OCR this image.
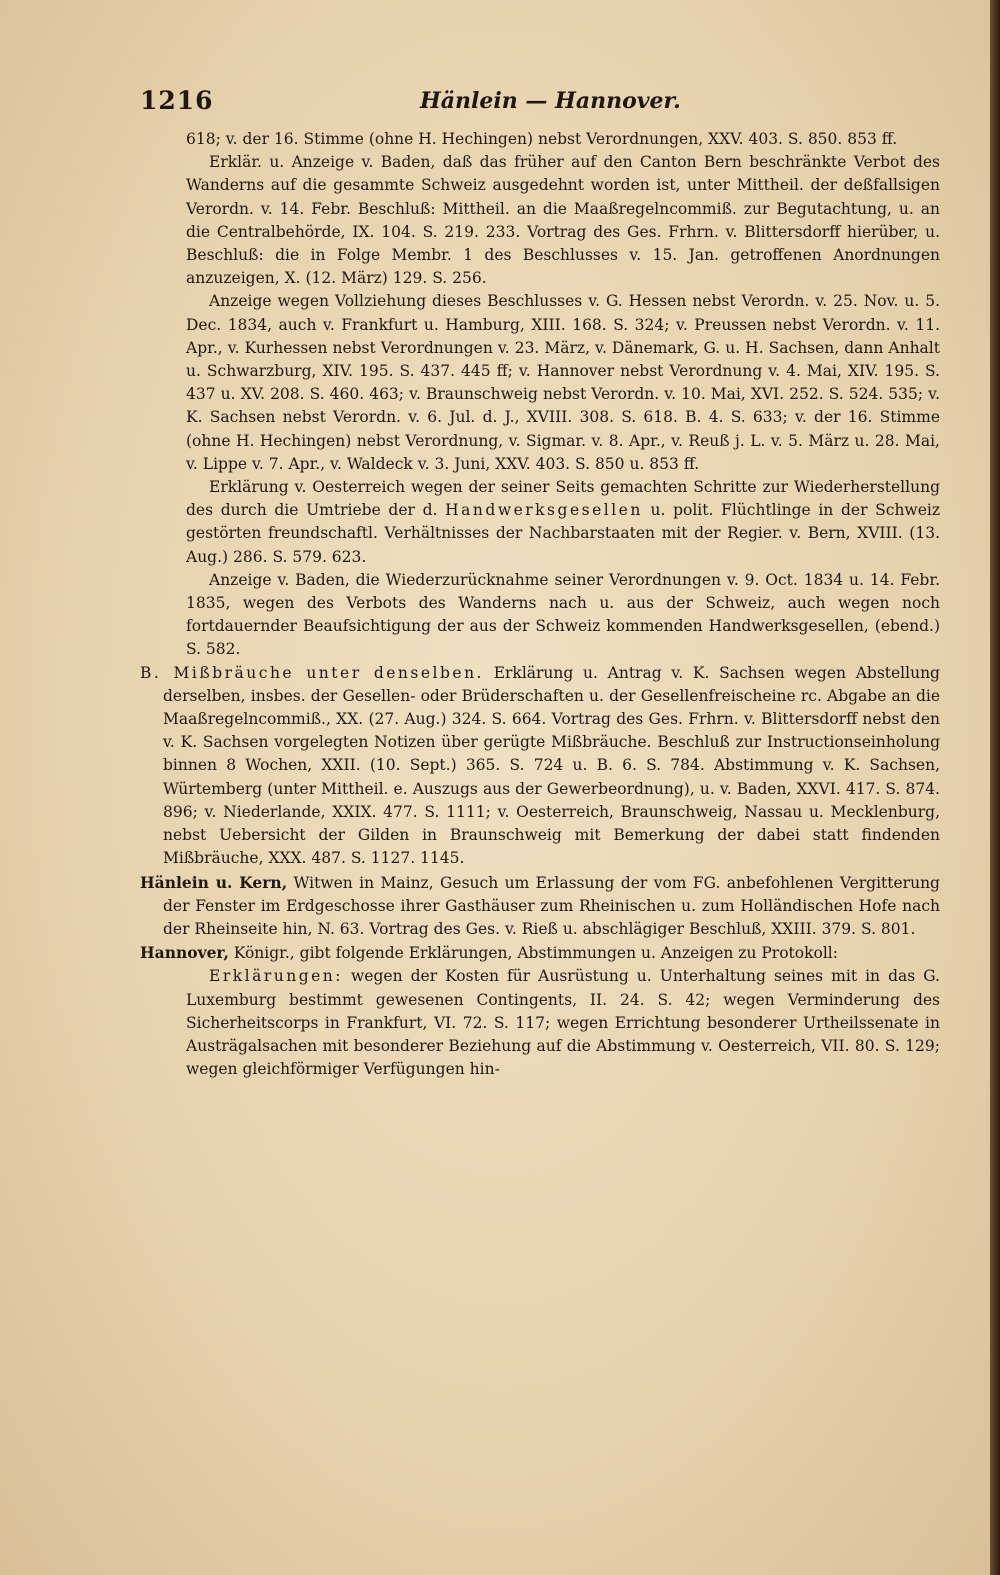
1216	Hänlein — Hannover.

618; v. der 16. Stimme (ohne H. Hechingen) nebst Verordnungen, XXV. 403. S. 850. 853 ff.

Erklär. u. Anzeige v. Baden, daß das früher auf den Canton Bern beschränkte Verbot des Wanderns auf die gesammte Schweiz ausgedehnt worden ist, unter Mittheil. der deßfallsigen Verordn. v. 14. Febr. Beschluß: Mittheil. an die Maaßregelncommiß. zur Begutachtung, u. an die Centralbehörde, IX. 104. S. 219. 233. Vortrag des Ges. Frhrn. v. Blittersdorff hierüber, u. Beschluß: die in Folge Membr. 1 des Beschlusses v. 15. Jan. getroffenen Anordnungen anzuzeigen, X. (12. März) 129. S. 256.

Anzeige wegen Vollziehung dieses Beschlusses v. G. Hessen nebst Verordn. v. 25. Nov. u. 5. Dec. 1834, auch v. Frankfurt u. Hamburg, XIII. 168. S. 324; v. Preussen nebst Verordn. v. 11. Apr., v. Kurhessen nebst Verordnungen v. 23. März, v. Dänemark, G. u. H. Sachsen, dann Anhalt u. Schwarzburg, XIV. 195. S. 437. 445 ff; v. Hannover nebst Verordnung v. 4. Mai, XIV. 195. S. 437 u. XV. 208. S. 460. 463; v. Braunschweig nebst Verordn. v. 10. Mai, XVI. 252. S. 524. 535; v. K. Sachsen nebst Verordn. v. 6. Jul. d. J., XVIII. 308. S. 618. B. 4. S. 633; v. der 16. Stimme (ohne H. Hechingen) nebst Verordnung, v. Sigmar. v. 8. Apr., v. Reuß j. L. v. 5. März u. 28. Mai, v. Lippe v. 7. Apr., v. Waldeck v. 3. Juni, XXV. 403. S. 850 u. 853 ff.

Erklärung v. Oesterreich wegen der seiner Seits gemachten Schritte zur Wiederherstellung des durch die Umtriebe der d. Handwerksgesellen u. polit. Flüchtlinge in der Schweiz gestörten freundschaftl. Verhältnisses der Nachbarstaaten mit der Regier. v. Bern, XVIII. (13. Aug.) 286. S. 579. 623.

Anzeige v. Baden, die Wiederzurücknahme seiner Verordnungen v. 9. Oct. 1834 u. 14. Febr. 1835, wegen des Verbots des Wanderns nach u. aus der Schweiz, auch wegen noch fortdauernder Beaufsichtigung der aus der Schweiz kommenden Handwerksgesellen, (ebend.) S. 582.

B. Mißbräuche unter denselben. Erklärung u. Antrag v. K. Sachsen wegen Abstellung derselben, insbes. der Gesellen- oder Brüderschaften u. der Gesellenfreischeine rc. Abgabe an die Maaßregelncommiß., XX. (27. Aug.) 324. S. 664. Vortrag des Ges. Frhrn. v. Blittersdorff nebst den v. K. Sachsen vorgelegten Notizen über gerügte Mißbräuche. Beschluß zur Instructionseinholung binnen 8 Wochen, XXII. (10. Sept.) 365. S. 724 u. B. 6. S. 784. Abstimmung v. K. Sachsen, Würtemberg (unter Mittheil. e. Auszugs aus der Gewerbeordnung), u. v. Baden, XXVI. 417. S. 874. 896; v. Niederlande, XXIX. 477. S. 1111; v. Oesterreich, Braunschweig, Nassau u. Mecklenburg, nebst Uebersicht der Gilden in Braunschweig mit Bemerkung der dabei statt findenden Mißbräuche, XXX. 487. S. 1127. 1145.

Hänlein u. Kern, Witwen in Mainz, Gesuch um Erlassung der vom FG. anbefohlenen Vergitterung der Fenster im Erdgeschosse ihrer Gasthäuser zum Rheinischen u. zum Holländischen Hofe nach der Rheinseite hin, N. 63. Vortrag des Ges. v. Rieß u. abschlägiger Beschluß, XXIII. 379. S. 801.

Hannover, Königr., gibt folgende Erklärungen, Abstimmungen u. Anzeigen zu Protokoll:

Erklärungen: wegen der Kosten für Ausrüstung u. Unterhaltung seines mit in das G. Luxemburg bestimmt gewesenen Contingents, II. 24. S. 42; wegen Verminderung des Sicherheitscorps in Frankfurt, VI. 72. S. 117; wegen Errichtung besonderer Urtheilssenate in Austrägalsachen mit besonderer Beziehung auf die Abstimmung v. Oesterreich, VII. 80. S. 129; wegen gleichförmiger Verfügungen hin-
